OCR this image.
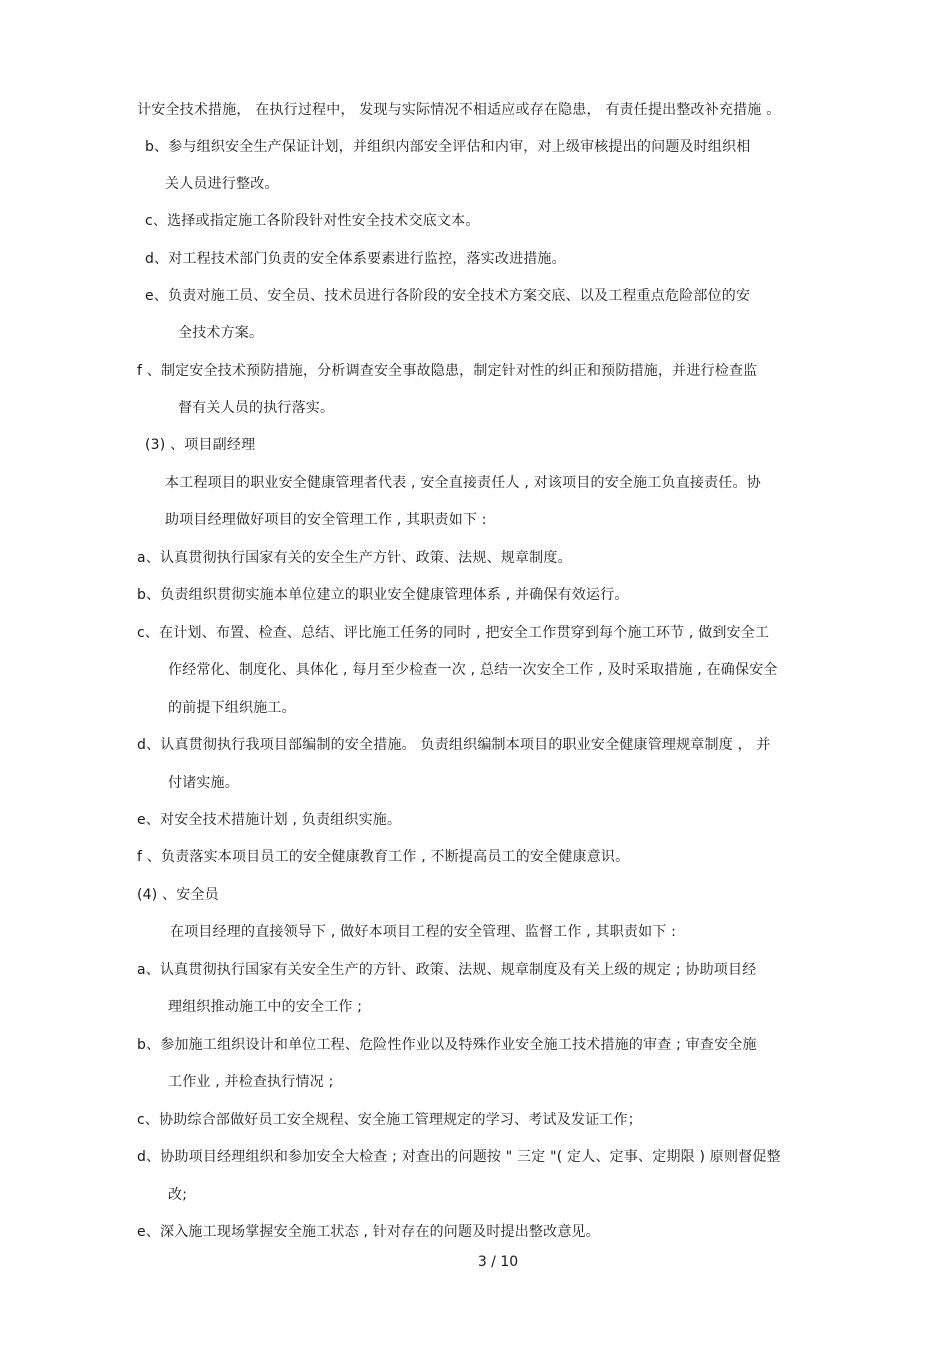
计安全技术措施， 在执行过程中， 发现与实际情况不相适应或存在隐患， 有责任提出整改补充措施 。
b、参与组织安全生产保证计划，并组织内部安全评估和内审，对上级审核提出的问题及时组织相
关人员进行整改。
c、选择或指定施工各阶段针对性安全技术交底文本。
d、对工程技术部门负责的安全体系要素进行监控，落实改进措施。
e、负责对施工员、安全员、技术员进行各阶段的安全技术方案交底、以及工程重点危险部位的安
全技术方案。
f 、制定安全技术预防措施，分析调查安全事故隐患，制定针对性的纠正和预防措施，并进行检查监
督有关人员的执行落实。
(3) 、项目副经理
本工程项目的职业安全健康管理者代表 , 安全直接责任人 , 对该项目的安全施工负直接责任。协
助项目经理做好项目的安全管理工作 , 其职责如下 :
a、认真贯彻执行国家有关的安全生产方针、政策、法规、规章制度。
b、负责组织贯彻实施本单位建立的职业安全健康管理体系 , 并确保有效运行。
c、在计划、布置、检查、总结、评比施工任务的同时 , 把安全工作贯穿到每个施工环节 , 做到安全工
作经常化、制度化、具体化 , 每月至少检查一次 , 总结一次安全工作 , 及时采取措施 , 在确保安全
的前提下组织施工。
d、认真贯彻执行我项目部编制的安全措施。 负责组织编制本项目的职业安全健康管理规章制度 ， 并
付诸实施。
e、对安全技术措施计划 , 负责组织实施。
f 、负责落实本项目员工的安全健康教育工作 , 不断提高员工的安全健康意识。
(4) 、安全员
在项目经理的直接领导下 , 做好本项目工程的安全管理、监督工作 , 其职责如下 :
a、认真贯彻执行国家有关安全生产的方针、政策、法规、规章制度及有关上级的规定 ; 协助项目经
理组织推动施工中的安全工作 ;
b、参加施工组织设计和单位工程、危险性作业以及特殊作业安全施工技术措施的审查 ; 审查安全施
工作业 , 并检查执行情况 ;
c、协助综合部做好员工安全规程、安全施工管理规定的学习、考试及发证工作；
d、协助项目经理组织和参加安全大检查 ; 对查出的问题按 " 三定 "( 定人、定事、定期限 ) 原则督促整
改;
e、深入施工现场掌握安全施工状态 , 针对存在的问题及时提出整改意见。
3 / 10
